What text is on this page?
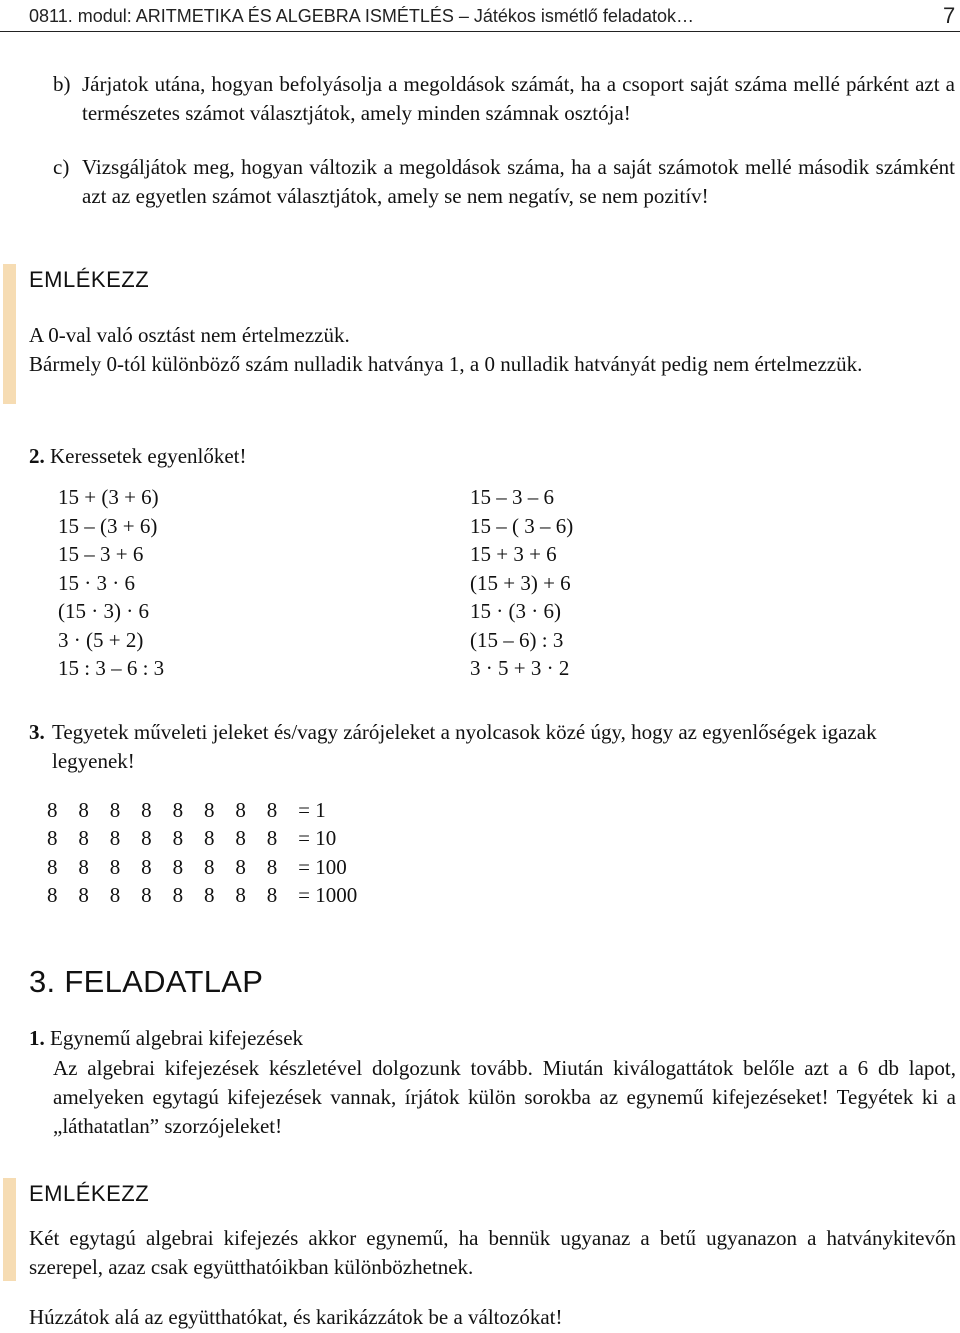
0811. modul: ARITMETIKA ÉS ALGEBRA ISMÉTLÉS – Játékos ismétlő feladatok…	7
b) Járjatok utána, hogyan befolyásolja a megoldások számát, ha a csoport saját száma mellé párként azt a természetes számot választjátok, amely minden számnak osztója!
c) Vizsgáljátok meg, hogyan változik a megoldások száma, ha a saját számotok mellé második számként azt az egyetlen számot választjátok, amely se nem negatív, se nem pozitív!
EMLÉKEZZ
A 0-val való osztást nem értelmezzük.
Bármely 0-tól különböző szám nulladik hatványa 1, a 0 nulladik hatványát pedig nem értelmezzük.
2. Keressetek egyenlőket!
15 + (3 + 6)
15 – (3 + 6)
15 – 3 + 6
15 · 3 · 6
(15 · 3) · 6
3 · (5 + 2)
15 : 3 – 6 : 3
15 – 3 – 6
15 – ( 3 – 6)
15 + 3 + 6
(15 + 3) + 6
15 · (3 · 6)
(15 – 6) : 3
3 · 5 + 3 · 2
3. Tegyetek műveleti jeleket és/vagy zárójeleket a nyolcasok közé úgy, hogy az egyenlőségek igazak legyenek!
8 8 8 8 8 8 8 8 = 1
8 8 8 8 8 8 8 8 = 10
8 8 8 8 8 8 8 8 = 100
8 8 8 8 8 8 8 8 = 1000
3. FELADATLAP
1. Egynemű algebrai kifejezések
Az algebrai kifejezések készletével dolgozunk tovább. Miután kiválogattátok belőle azt a 6 db lapot, amelyeken egytagú kifejezések vannak, írjátok külön sorokba az egynemű kifejezéseket! Tegyétek ki a „láthatatlan” szorzójeleket!
EMLÉKEZZ
Két egytagú algebrai kifejezés akkor egynemű, ha bennük ugyanaz a betű ugyanazon a hatványkitevőn szerepel, azaz csak együtthatóikban különbözhetnek.
Húzzátok alá az együtthatókat, és karikázzátok be a változókat!
